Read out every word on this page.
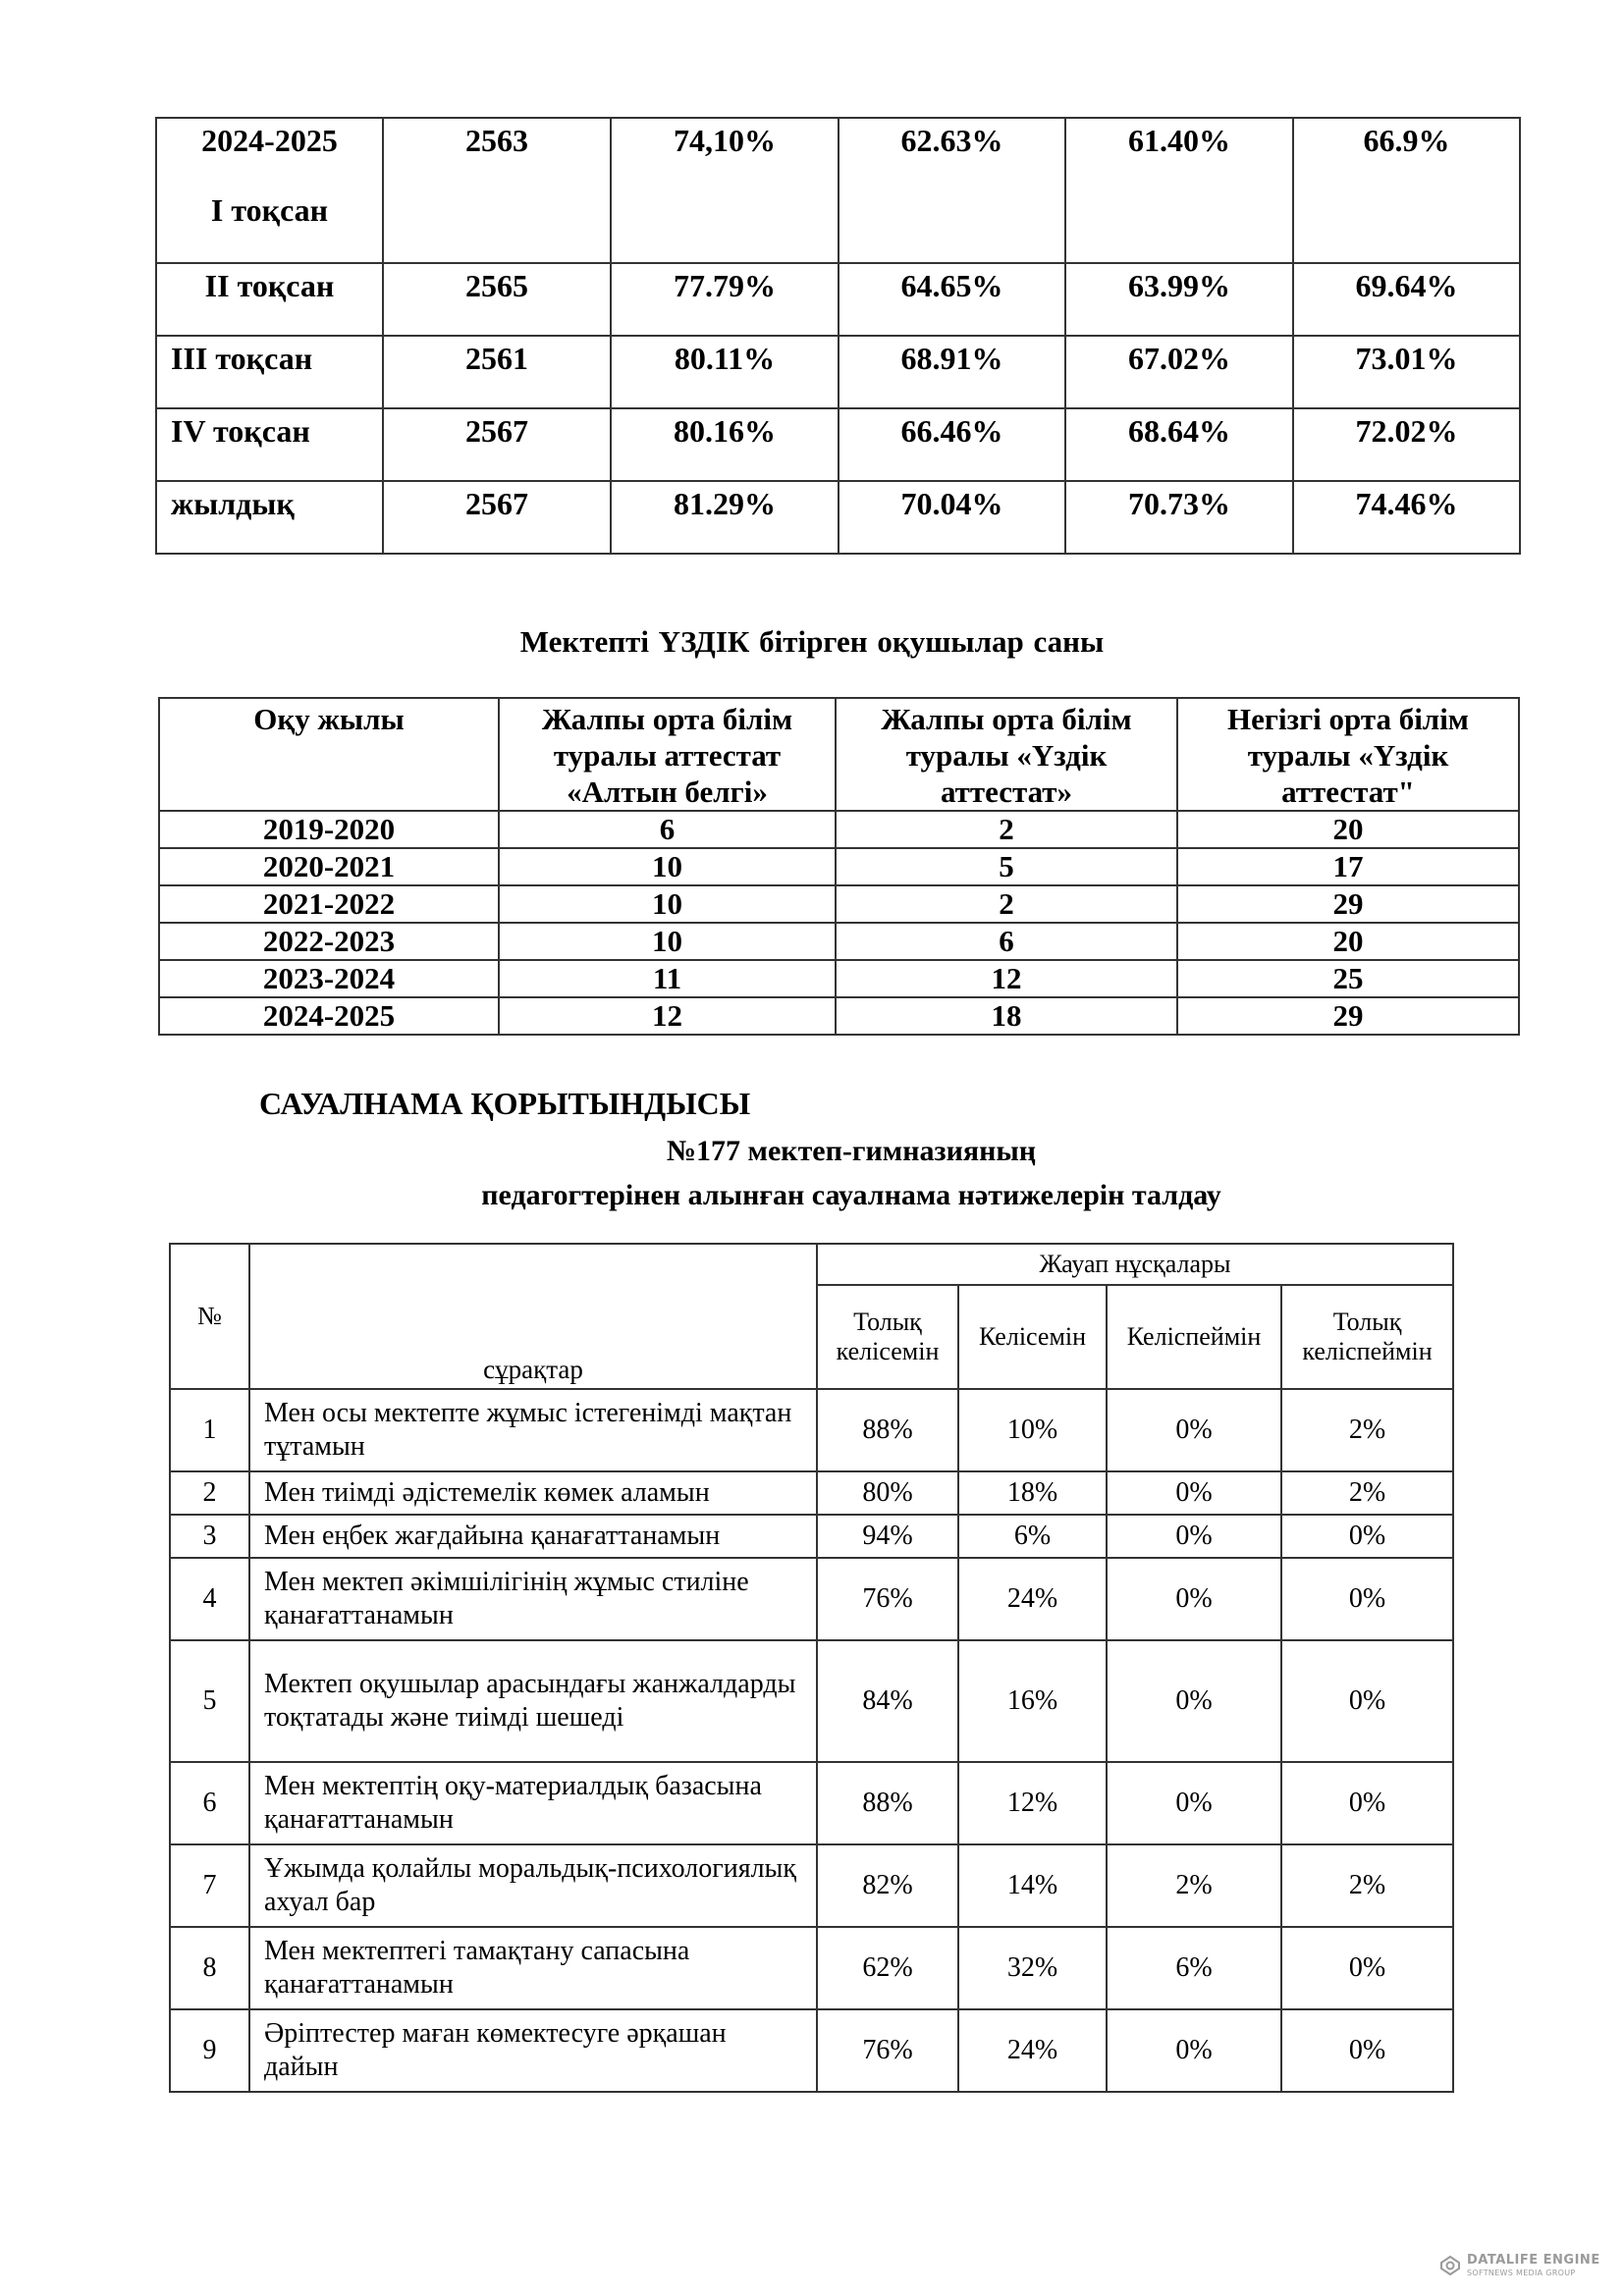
2024-2025
I тоқсан	2563	74,10%	62.63%	61.40%	66.9%
II тоқсан	2565	77.79%	64.65%	63.99%	69.64%
III тоқсан	2561	80.11%	68.91%	67.02%	73.01%
IV тоқсан	2567	80.16%	66.46%	68.64%	72.02%
жылдық	2567	81.29%	70.04%	70.73%	74.46%
Мектепті ҮЗДІК бітірген оқушылар саны
Оқу жылы	Жалпы орта білім туралы аттестат «Алтын белгі»	Жалпы орта білім туралы «Үздік аттестат»	Негізгі орта білім туралы «Үздік аттестат"
2019-2020	6	2	20
2020-2021	10	5	17
2021-2022	10	2	29
2022-2023	10	6	20
2023-2024	11	12	25
2024-2025	12	18	29
САУАЛНАМА ҚОРЫТЫНДЫСЫ
№177 мектеп-гимназияның
педагогтерінен алынған сауалнама нәтижелерін талдау
№	сұрақтар	Жауап нұсқалары			
		Толық келісемін	Келісемін	Келіспеймін	Толық келіспеймін
1	Мен осы мектепте жұмыс істегенімді мақтан тұтамын	88%	10%	0%	2%
2	Мен тиімді әдістемелік көмек аламын	80%	18%	0%	2%
3	Мен еңбек жағдайына қанағаттанамын	94%	6%	0%	0%
4	Мен мектеп әкімшілігінің жұмыс стиліне қанағаттанамын	76%	24%	0%	0%
5	Мектеп оқушылар арасындағы жанжалдарды тоқтатады және тиімді шешеді	84%	16%	0%	0%
6	Мен мектептің оқу-материалдық базасына қанағаттанамын	88%	12%	0%	0%
7	Ұжымда қолайлы моральдық-психологиялық ахуал бар	82%	14%	2%	2%
8	Мен мектептегі тамақтану сапасына қанағаттанамын	62%	32%	6%	0%
9	Әріптестер маған көмектесуге әрқашан дайын	76%	24%	0%	0%
DATALIFE ENGINE
SOFTNEWS MEDIA GROUP
